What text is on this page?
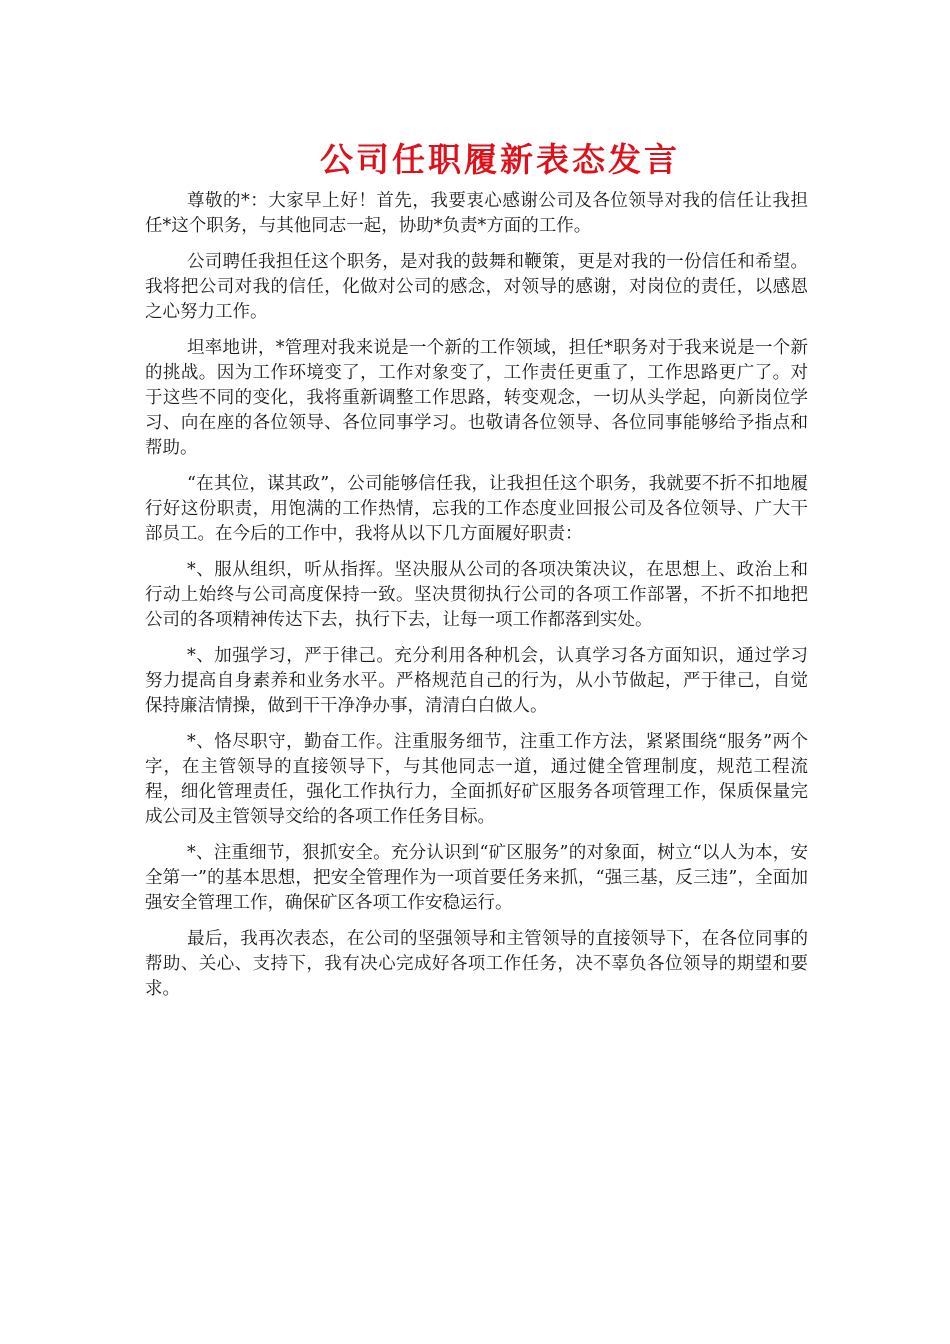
公司任职履新表态发言

尊敬的*：大家早上好！首先，我要衷心感谢公司及各位领导对我的信任让我担任*这个职务，与其他同志一起，协助*负责*方面的工作。

公司聘任我担任这个职务，是对我的鼓舞和鞭策，更是对我的一份信任和希望。我将把公司对我的信任，化做对公司的感念，对领导的感谢，对岗位的责任，以感恩之心努力工作。

坦率地讲，*管理对我来说是一个新的工作领域，担任*职务对于我来说是一个新的挑战。因为工作环境变了，工作对象变了，工作责任更重了，工作思路更广了。对于这些不同的变化，我将重新调整工作思路，转变观念，一切从头学起，向新岗位学习、向在座的各位领导、各位同事学习。也敬请各位领导、各位同事能够给予指点和帮助。

“在其位，谋其政”，公司能够信任我，让我担任这个职务，我就要不折不扣地履行好这份职责，用饱满的工作热情，忘我的工作态度业回报公司及各位领导、广大干部员工。在今后的工作中，我将从以下几方面履好职责：

*、服从组织，听从指挥。坚决服从公司的各项决策决议，在思想上、政治上和行动上始终与公司高度保持一致。坚决贯彻执行公司的各项工作部署，不折不扣地把公司的各项精神传达下去，执行下去，让每一项工作都落到实处。

*、加强学习，严于律己。充分利用各种机会，认真学习各方面知识，通过学习努力提高自身素养和业务水平。严格规范自己的行为，从小节做起，严于律己，自觉保持廉洁情操，做到干干净净办事，清清白白做人。

*、恪尽职守，勤奋工作。注重服务细节，注重工作方法，紧紧围绕“服务”两个字，在主管领导的直接领导下，与其他同志一道，通过健全管理制度，规范工程流程，细化管理责任，强化工作执行力，全面抓好矿区服务各项管理工作，保质保量完成公司及主管领导交给的各项工作任务目标。

*、注重细节，狠抓安全。充分认识到“矿区服务”的对象面，树立“以人为本，安全第一”的基本思想，把安全管理作为一项首要任务来抓，“强三基，反三违”，全面加强安全管理工作，确保矿区各项工作安稳运行。

最后，我再次表态，在公司的坚强领导和主管领导的直接领导下，在各位同事的帮助、关心、支持下，我有决心完成好各项工作任务，决不辜负各位领导的期望和要求。
